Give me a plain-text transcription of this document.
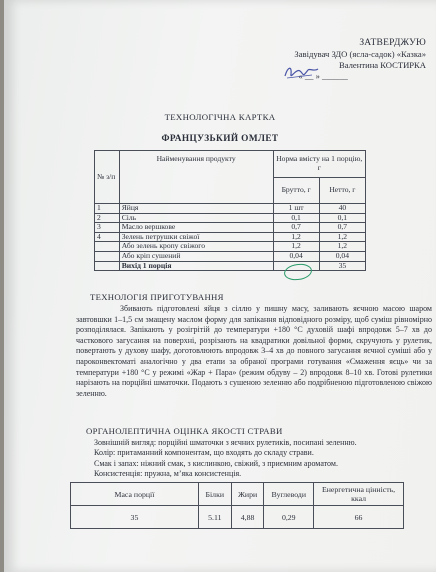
ЗАТВЕРДЖУЮ
Завідувач ЗДО (ясла-садок) «Казка»
Валентина КОСТИРКА
« __ » ______
ТЕХНОЛОГІЧНА КАРТКА
ФРАНЦУЗЬКИЙ ОМЛЕТ
№ з/п	Найменування продукту	Норма вмісту на 1 порцію, г	
		Брутто, г	Нетто, г
1	Яйця	1 шт	40
2	Сіль	0,1	0,1
3	Масло вершкове	0,7	0,7
4	Зелень петрушки свіжої	1,2	1,2
	Або зелень кропу свіжого	1,2	1,2
	Або кріп сушений	0,04	0,04
	Вихід 1 порція		35
ТЕХНОЛОГІЯ ПРИГОТУВАННЯ

Збивають підготовлені яйця з сіллю у пишну масу, заливають яєчною масою шаром завтовшки 1–1,5 см змащену маслом форму для запікання відповідного розміру, щоб суміш рівномірно розподілялася. Запікають у розігрітій до температури +180 °С духовій шафі впродовж 5–7 хв до часткового загусання на поверхні, розрізають на квадратики довільної форми, скручують у рулетик, повертають у духову шафу, доготовлюють впродовж 3–4 хв до повного загусання яєчної суміші або у пароконвектоматі аналогічно у два етапи за обраної програми готування «Смаження яєць» чи за температури +180 °С у режимі «Жар + Пара» (режим обдуву – 2) впродовж 8–10 хв. Готові рулетики нарізають на порційні шматочки. Подають з сушеною зеленню або подрібненою підготовленою свіжою зеленню.

ОРГАНОЛЕПТИЧНА ОЦІНКА ЯКОСТІ СТРАВИ
Зовнішній вигляд: порційні шматочки з яєчних рулетиків, посипані зеленню.
Колір: притаманний компонентам, що входять до складу страви.
Смак і запах: ніжний смак, з кислинкою, свіжий, з приємним ароматом.
Консистенція: пружна, м’яка консистенція.
Маса порції	Білки	Жири	Вуглеводи	Енергетична цінність, ккал
35	5.11	4,88	0,29	66
